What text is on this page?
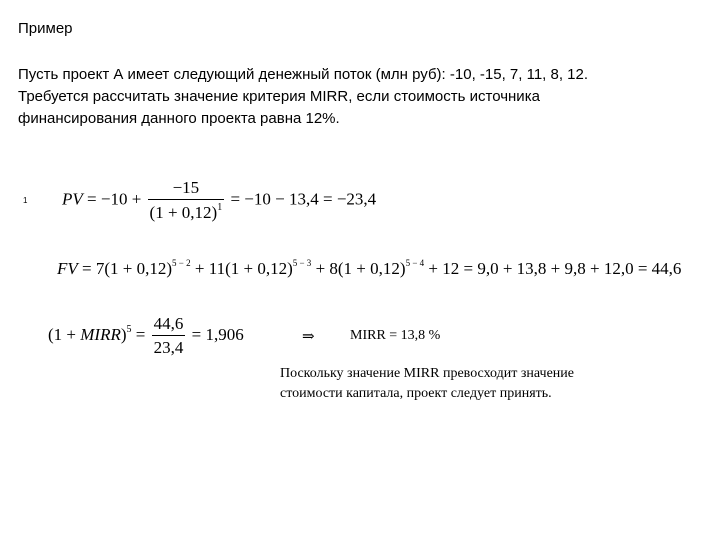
Пример

Пусть проект А имеет следующий денежный поток (млн руб): -10, -15, 7, 11, 8, 12.

Требуется рассчитать значение критерия MIRR, если стоимость источника

финансирования данного проекта равна 12%.

1 PV = $-10 + \frac{-15}{(1 + 0,12)^1} = -10 - 13,4 = -23,4$
FV = $7(1 + 0,12)^{5 - 2} + 11(1 + 0,12)^{5 - 3} + 8(1 + 0,12)^{5 - 4} + 12 = 9,0 + 13,8 + 9,8 + 12,0 = 44,6$
(1 + MIRR)$^5$ = $\frac{44,6}{23,4} = 1,906$	⇒	MIRR = 13,8 %
Поскольку значение MIRR превосходит значение
стоимости капитала, проект следует принять.
